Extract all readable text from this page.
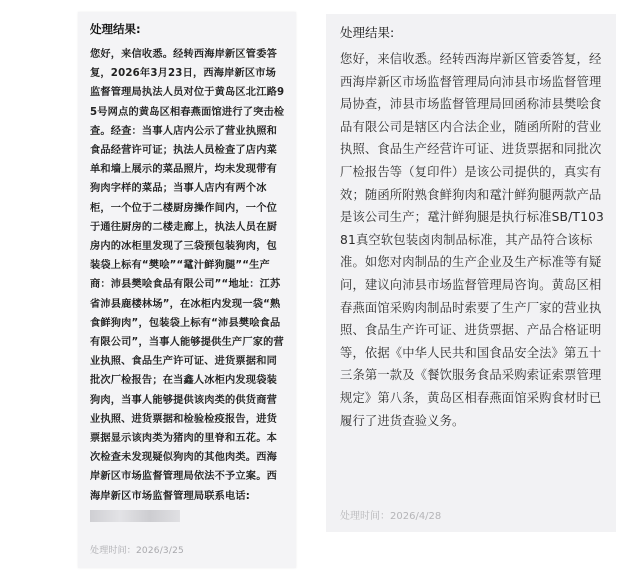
处理结果:
您好，来信收悉。经转西海岸新区管委答复，2026年3月23日，西海岸新区市场监督管理局执法人员对位于黄岛区北江路95号网点的黄岛区相春燕面馆进行了突击检查。经查：当事人店内公示了营业执照和食品经营许可证；执法人员检查了店内菜单和墙上展示的菜品照片，均未发现带有狗肉字样的菜品；当事人店内有两个冰柜，一个位于二楼厨房操作间内，一个位于通往厨房的二楼走廊上，执法人员在厨房内的冰柜里发现了三袋预包装狗肉，包装袋上标有“樊哙”“鼋汁鲜狗腿”“生产商：沛县樊哙食品有限公司”“地址：江苏省沛县鹿楼林场”，在冰柜内发现一袋“熟食鲜狗肉”，包装袋上标有“沛县樊哙食品有限公司”，当事人能够提供生产厂家的营业执照、食品生产许可证、进货票据和同批次厂检报告；在当鑫人冰柜内发现袋装狗肉，当事人能够提供该肉类的供货商营业执照、进货票据和检验检疫报告，进货票据显示该肉类为猪肉的里脊和五花。本次检查未发现疑似狗肉的其他肉类。西海岸新区市场监督管理局依法不予立案。西海岸新区市场监督管理局联系电话:
处理时间：2026/3/25
处理结果:
您好，来信收悉。经转西海岸新区管委答复，经西海岸新区市场监督管理局向沛县市场监督管理局协查，沛县市场监督管理局回函称沛县樊哙食品有限公司是辖区内合法企业，随函所附的营业执照、食品生产经营许可证、进货票据和同批次厂检报告等（复印件）是该公司提供的，真实有效；随函所附熟食鲜狗肉和鼋汁鲜狗腿两款产品是该公司生产；鼋汁鲜狗腿是执行标准SB/T10381真空软包装卤肉制品标准，其产品符合该标准。如您对肉制品的生产企业及生产标准等有疑问，建议向沛县市场监督管理局咨询。黄岛区相春燕面馆采购肉制品时索要了生产厂家的营业执照、食品生产许可证、进货票据、产品合格证明等，依据《中华人民共和国食品安全法》第五十三条第一款及《餐饮服务食品采购索证索票管理规定》第八条，黄岛区相春燕面馆采购食材时已履行了进货查验义务。
处理时间：2026/4/28
